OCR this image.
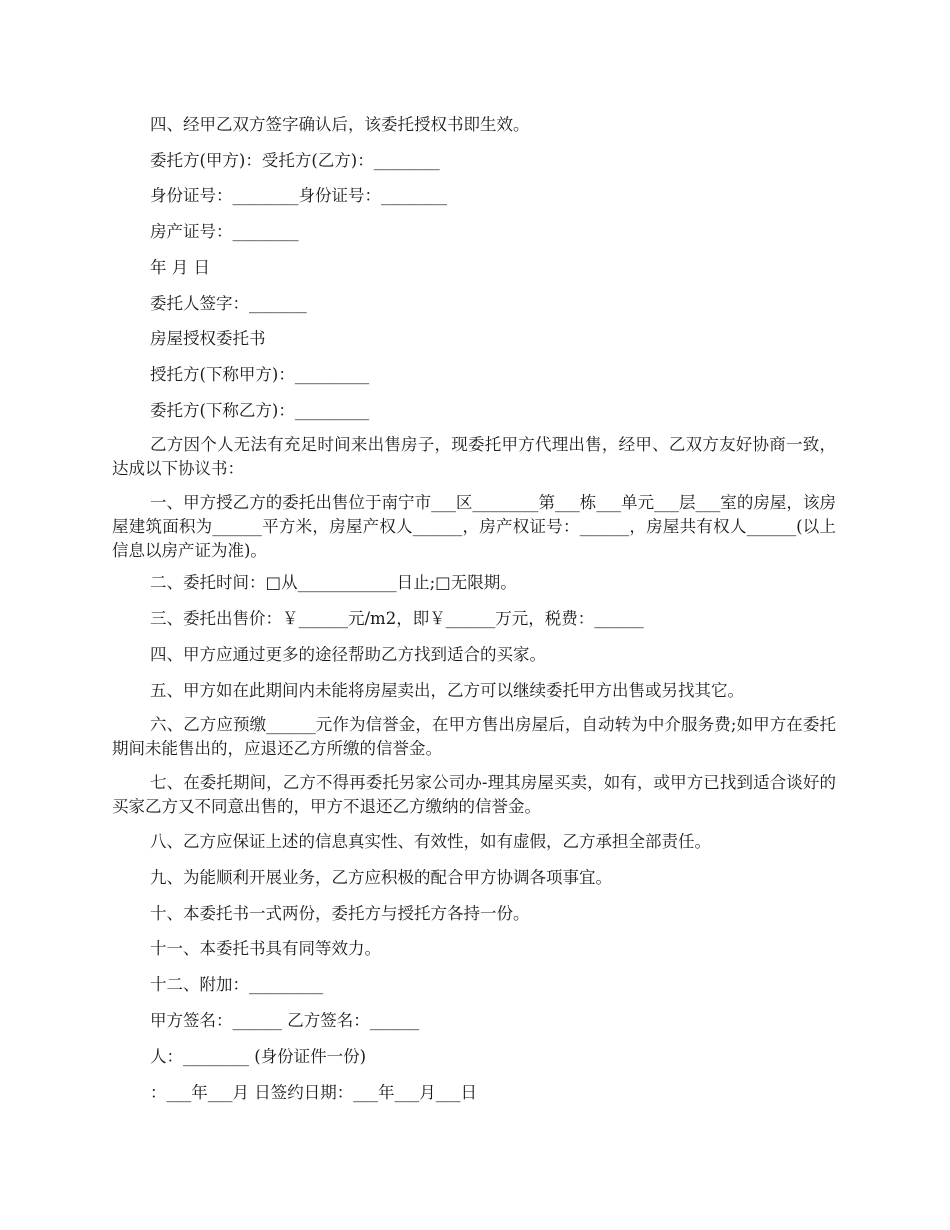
四、经甲乙双方签字确认后，该委托授权书即生效。
委托方(甲方)：受托方(乙方)：________
身份证号：________身份证号：________
房产证号：________
年 月 日
委托人签字：_______
房屋授权委托书
授托方(下称甲方)：_________
委托方(下称乙方)：_________
乙方因个人无法有充足时间来出售房子，现委托甲方代理出售，经甲、乙双方友好协商一致，达成以下协议书：
一、甲方授乙方的委托出售位于南宁市___区________第___栋___单元___层___室的房屋，该房屋建筑面积为______平方米，房屋产权人______，房产权证号：______，房屋共有权人______(以上信息以房产证为准)。
二、委托时间：□从____________日止;□无限期。
三、委托出售价：￥______元/m2，即￥______万元，税费：______
四、甲方应通过更多的途径帮助乙方找到适合的买家。
五、甲方如在此期间内未能将房屋卖出，乙方可以继续委托甲方出售或另找其它。
六、乙方应预缴______元作为信誉金，在甲方售出房屋后，自动转为中介服务费;如甲方在委托期间未能售出的，应退还乙方所缴的信誉金。
七、在委托期间，乙方不得再委托另家公司办-理其房屋买卖，如有，或甲方已找到适合谈好的买家乙方又不同意出售的，甲方不退还乙方缴纳的信誉金。
八、乙方应保证上述的信息真实性、有效性，如有虚假，乙方承担全部责任。
九、为能顺利开展业务，乙方应积极的配合甲方协调各项事宜。
十、本委托书一式两份，委托方与授托方各持一份。
十一、本委托书具有同等效力。
十二、附加：_________
甲方签名：______ 乙方签名：______
人：________ (身份证件一份)
：___年___月 日签约日期：___年___月___日
